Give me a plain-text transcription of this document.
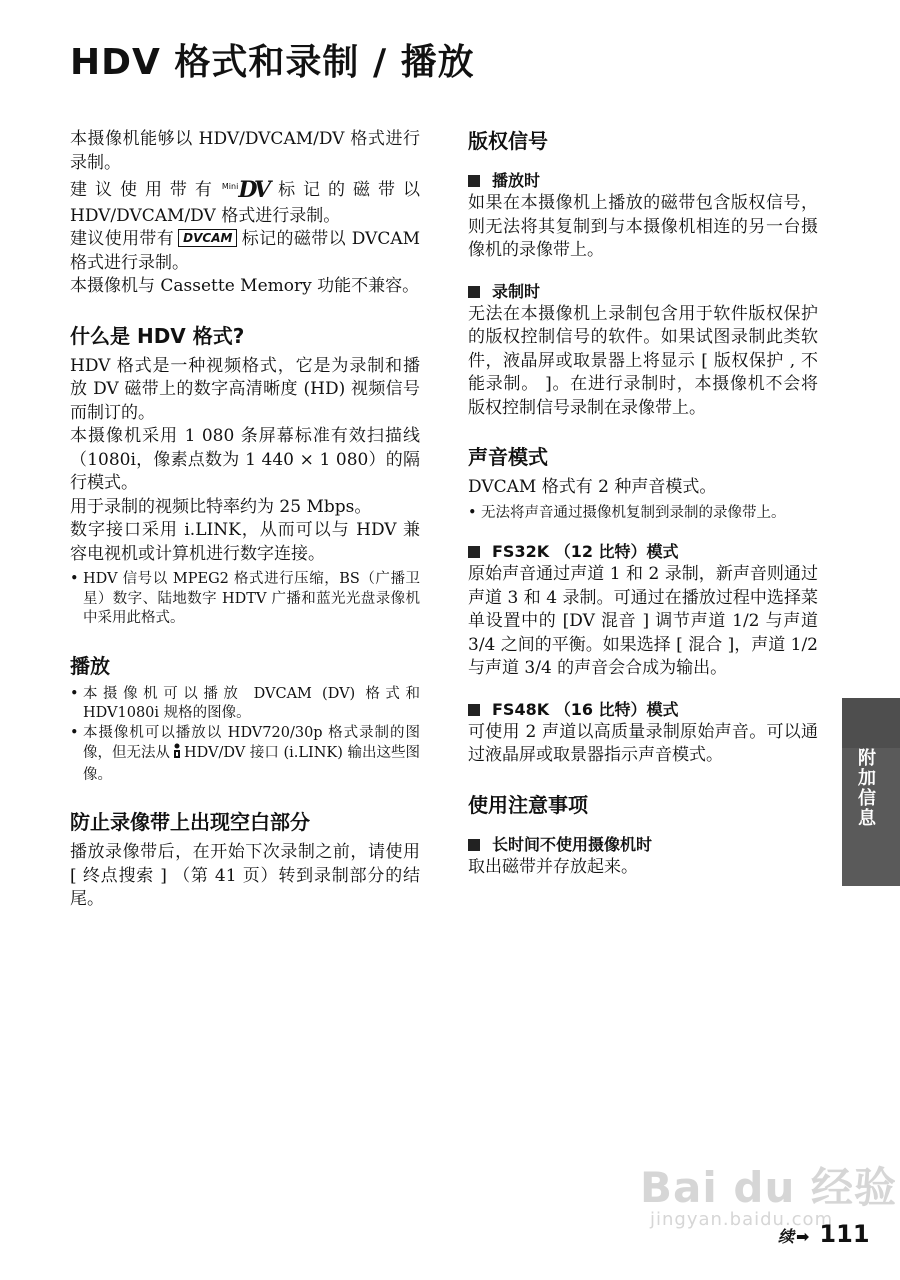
HDV 格式和录制 / 播放

本摄像机能够以 HDV/DVCAM/DV 格式进行录制。

建议使用带有 $^{Mini}$DV 标记的磁带以 HDV/DVCAM/DV 格式进行录制。

建议使用带有 DVCAM 标记的磁带以 DVCAM 格式进行录制。

本摄像机与 Cassette Memory 功能不兼容。

什么是 HDV 格式?

HDV 格式是一种视频格式，它是为录制和播放 DV 磁带上的数字高清晰度 (HD) 视频信号而制订的。

本摄像机采用 1 080 条屏幕标准有效扫描线 （1080i，像素点数为 1 440 × 1 080）的隔行模式。

用于录制的视频比特率约为 25 Mbps。

数字接口采用 i.LINK，从而可以与 HDV 兼容电视机或计算机进行数字连接。

• HDV 信号以 MPEG2 格式进行压缩，BS（广播卫星）数字、陆地数字 HDTV 广播和蓝光光盘录像机中采用此格式。
播放
• 本摄像机可以播放 DVCAM (DV) 格式和 HDV1080i 规格的图像。
• 本摄像机可以播放以 HDV720/30p 格式录制的图像，但无法从 HDV/DV 接口 (i.LINK) 输出这些图像。
防止录像带上出现空白部分

播放录像带后，在开始下次录制之前，请使用 [ 终点搜索 ] （第 41 页）转到录制部分的结尾。

版权信号
播放时

如果在本摄像机上播放的磁带包含版权信号，则无法将其复制到与本摄像机相连的另一台摄像机的录像带上。

录制时

无法在本摄像机上录制包含用于软件版权保护的版权控制信号的软件。如果试图录制此类软件，液晶屏或取景器上将显示 [ 版权保护 , 不能录制。 ]。在进行录制时，本摄像机不会将版权控制信号录制在录像带上。

声音模式

DVCAM 格式有 2 种声音模式。

• 无法将声音通过摄像机复制到录制的录像带上。
FS32K （12 比特）模式

原始声音通过声道 1 和 2 录制，新声音则通过声道 3 和 4 录制。可通过在播放过程中选择菜单设置中的 [DV 混音 ] 调节声道 1/2 与声道 3/4 之间的平衡。如果选择 [ 混合 ]，声道 1/2 与声道 3/4 的声音会合成为输出。

FS48K （16 比特）模式

可使用 2 声道以高质量录制原始声音。可以通过液晶屏或取景器指示声音模式。

使用注意事项
长时间不使用摄像机时

取出磁带并存放起来。

附加信息
Bai du 经验
jingyan.baidu.com
续 ➡ 111
